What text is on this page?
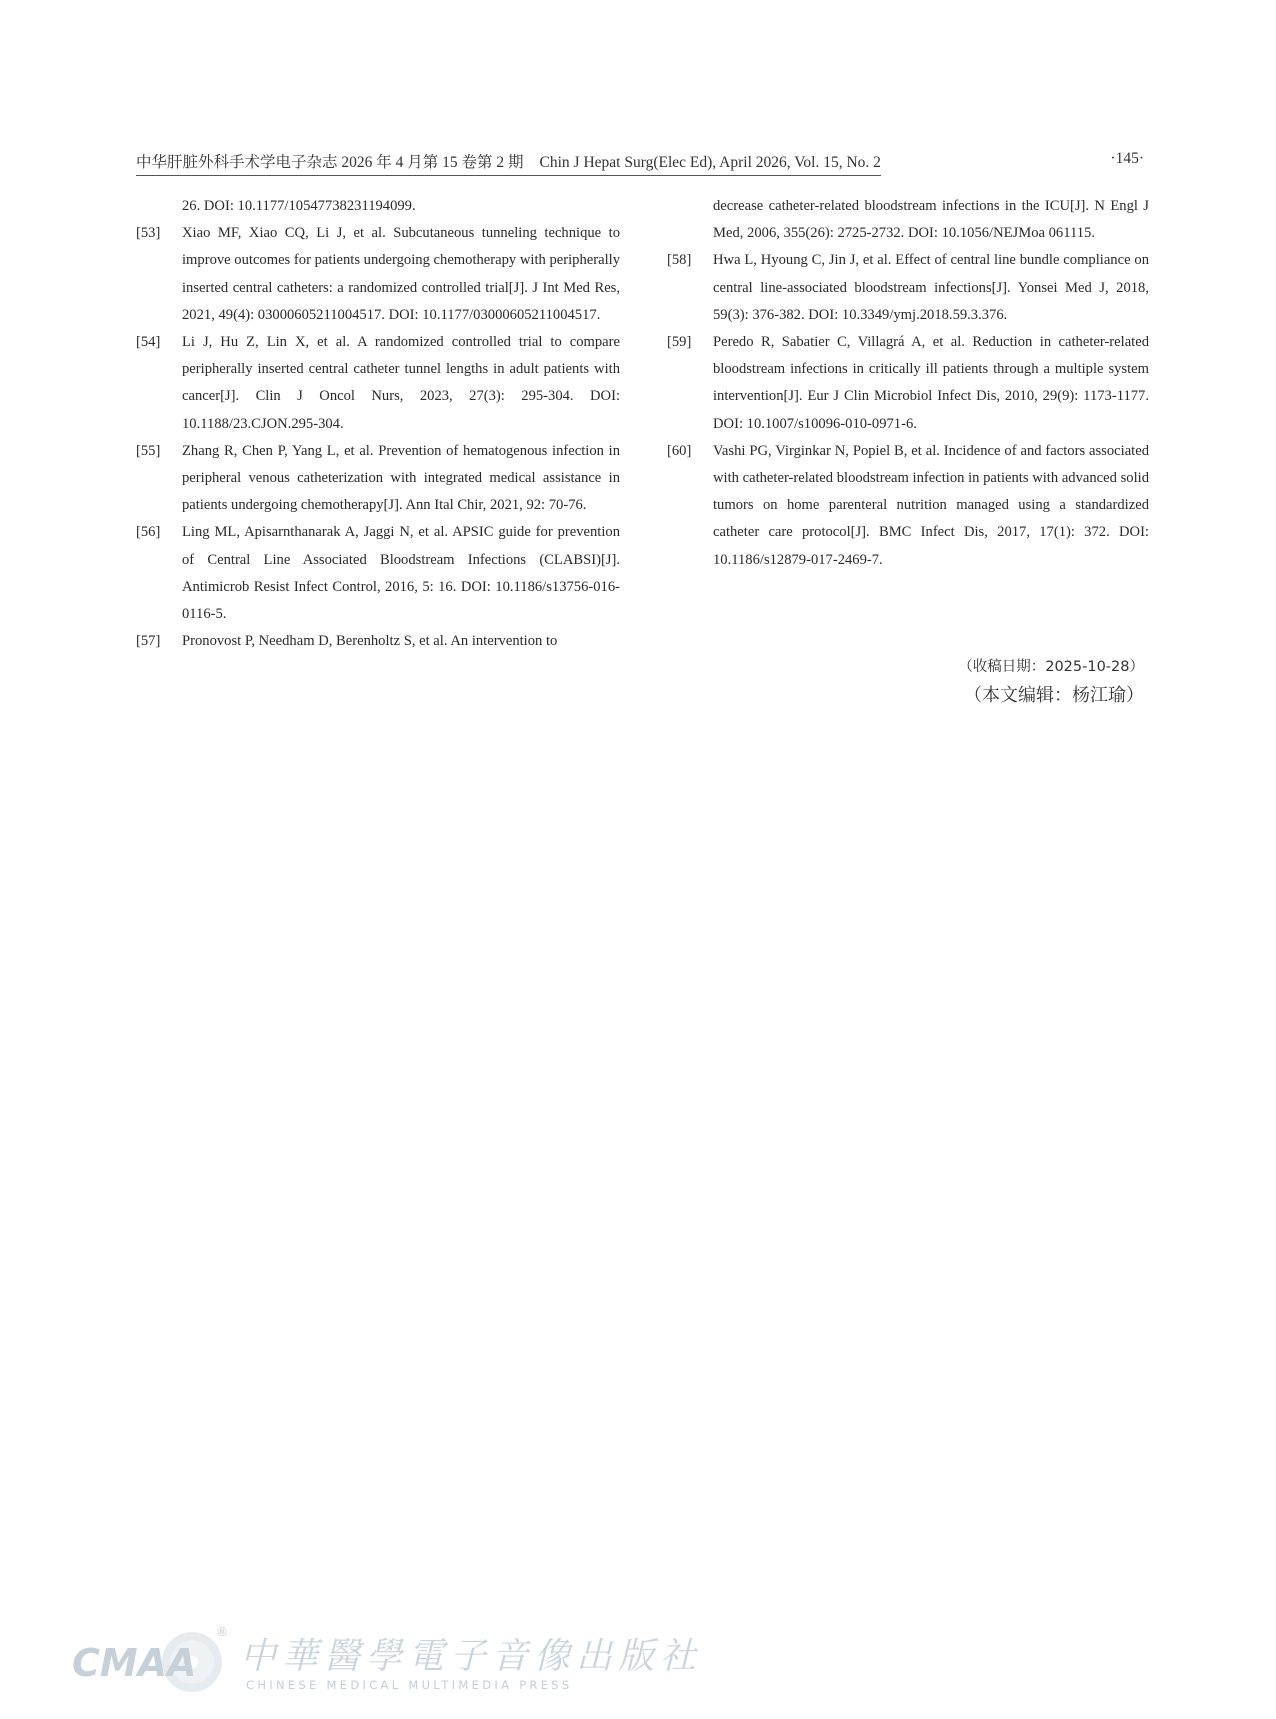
中华肝脏外科手术学电子杂志 2026 年 4 月第 15 卷第 2 期 Chin J Hepat Surg(Elec Ed), April 2026, Vol. 15, No. 2	·145·
26. DOI: 10.1177/10547738231194099.
[53] Xiao MF, Xiao CQ, Li J, et al. Subcutaneous tunneling technique to improve outcomes for patients undergoing chemotherapy with peripherally inserted central catheters: a randomized controlled trial[J]. J Int Med Res, 2021, 49(4): 03000605211004517. DOI: 10.1177/03000605211004517.
[54] Li J, Hu Z, Lin X, et al. A randomized controlled trial to compare peripherally inserted central catheter tunnel lengths in adult patients with cancer[J]. Clin J Oncol Nurs, 2023, 27(3): 295-304. DOI: 10.1188/23.CJON.295-304.
[55] Zhang R, Chen P, Yang L, et al. Prevention of hematogenous infection in peripheral venous catheterization with integrated medical assistance in patients undergoing chemotherapy[J]. Ann Ital Chir, 2021, 92: 70-76.
[56] Ling ML, Apisarnthanarak A, Jaggi N, et al. APSIC guide for prevention of Central Line Associated Bloodstream Infections (CLABSI)[J]. Antimicrob Resist Infect Control, 2016, 5: 16. DOI: 10.1186/s13756-016-0116-5.
[57] Pronovost P, Needham D, Berenholtz S, et al. An intervention to
decrease catheter-related bloodstream infections in the ICU[J]. N Engl J Med, 2006, 355(26): 2725-2732. DOI: 10.1056/NEJMoa 061115.
[58] Hwa L, Hyoung C, Jin J, et al. Effect of central line bundle compliance on central line-associated bloodstream infections[J]. Yonsei Med J, 2018, 59(3): 376-382. DOI: 10.3349/ymj.2018.59.3.376.
[59] Peredo R, Sabatier C, Villagrá A, et al. Reduction in catheter-related bloodstream infections in critically ill patients through a multiple system intervention[J]. Eur J Clin Microbiol Infect Dis, 2010, 29(9): 1173-1177. DOI: 10.1007/s10096-010-0971-6.
[60] Vashi PG, Virginkar N, Popiel B, et al. Incidence of and factors associated with catheter-related bloodstream infection in patients with advanced solid tumors on home parenteral nutrition managed using a standardized catheter care protocol[J]. BMC Infect Dis, 2017, 17(1): 372. DOI: 10.1186/s12879-017-2469-7.
（收稿日期：2025-10-28）
（本文编辑：杨江瑜）
CMAA
®
中華醫學電子音像出版社
CHINESE MEDICAL MULTIMEDIA PRESS
